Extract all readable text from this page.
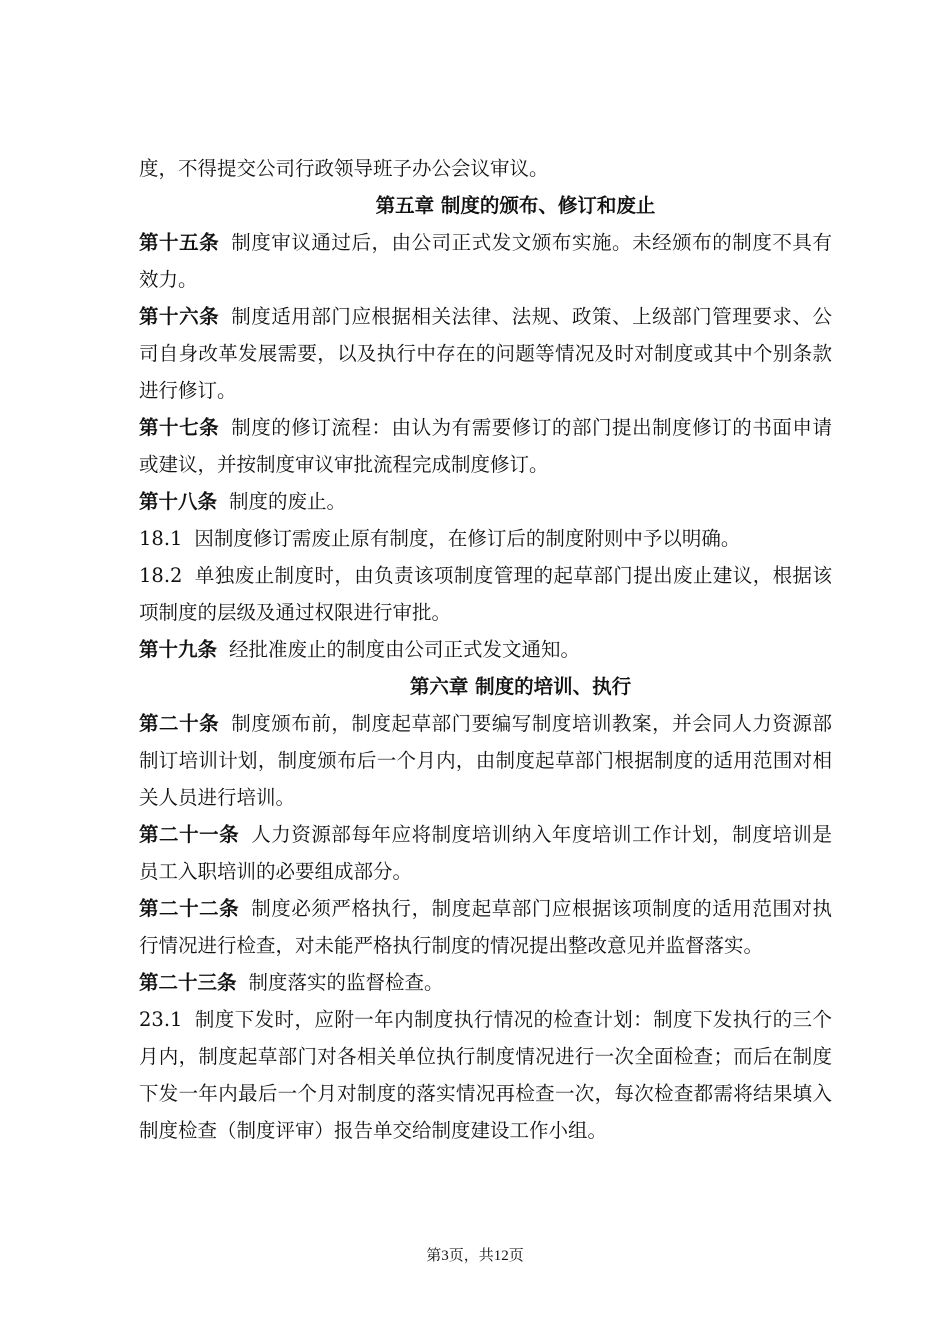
度，不得提交公司行政领导班子办公会议审议。

第五章 制度的颁布、修订和废止

第十五条 制度审议通过后，由公司正式发文颁布实施。未经颁布的制度不具有效力。

第十六条 制度适用部门应根据相关法律、法规、政策、上级部门管理要求、公司自身改革发展需要，以及执行中存在的问题等情况及时对制度或其中个别条款进行修订。

第十七条 制度的修订流程：由认为有需要修订的部门提出制度修订的书面申请或建议，并按制度审议审批流程完成制度修订。

第十八条 制度的废止。

18.1 因制度修订需废止原有制度，在修订后的制度附则中予以明确。

18.2 单独废止制度时，由负责该项制度管理的起草部门提出废止建议，根据该项制度的层级及通过权限进行审批。

第十九条 经批准废止的制度由公司正式发文通知。

第六章 制度的培训、执行

第二十条 制度颁布前，制度起草部门要编写制度培训教案，并会同人力资源部制订培训计划，制度颁布后一个月内，由制度起草部门根据制度的适用范围对相关人员进行培训。

第二十一条 人力资源部每年应将制度培训纳入年度培训工作计划，制度培训是员工入职培训的必要组成部分。

第二十二条 制度必须严格执行，制度起草部门应根据该项制度的适用范围对执行情况进行检查，对未能严格执行制度的情况提出整改意见并监督落实。

第二十三条 制度落实的监督检查。

23.1 制度下发时，应附一年内制度执行情况的检查计划：制度下发执行的三个月内，制度起草部门对各相关单位执行制度情况进行一次全面检查；而后在制度下发一年内最后一个月对制度的落实情况再检查一次，每次检查都需将结果填入制度检查（制度评审）报告单交给制度建设工作小组。

第3页，共12页
